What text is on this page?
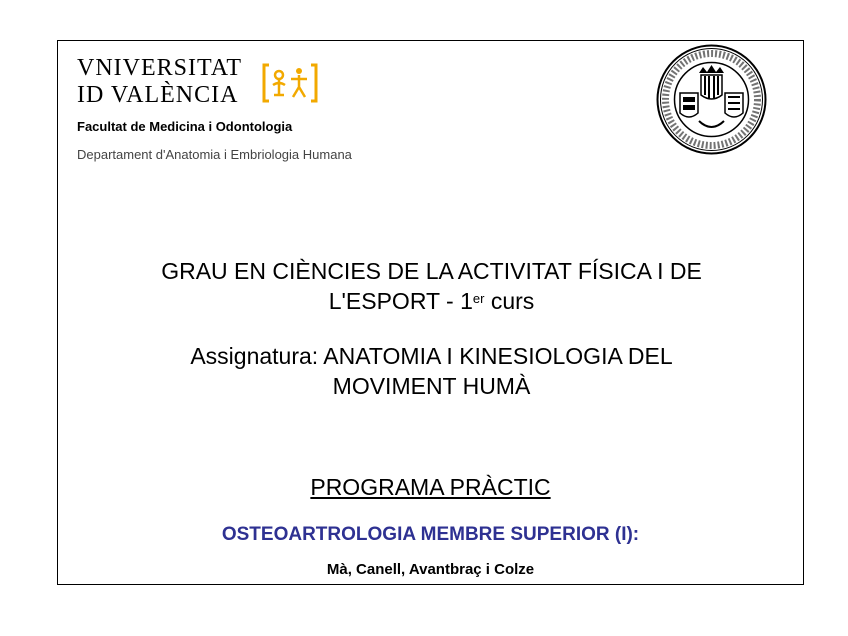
VNIVERSITAT
ID VALÈNCIA
Facultat de Medicina i Odontologia
Departament d'Anatomia i Embriologia Humana
GRAU EN CIÈNCIES DE LA ACTIVITAT FÍSICA I DE
L'ESPORT - 1er curs
Assignatura: ANATOMIA I KINESIOLOGIA DEL
MOVIMENT HUMÀ
PROGRAMA PRÀCTIC
OSTEOARTROLOGIA MEMBRE SUPERIOR (I):
Mà, Canell, Avantbraç i Colze
